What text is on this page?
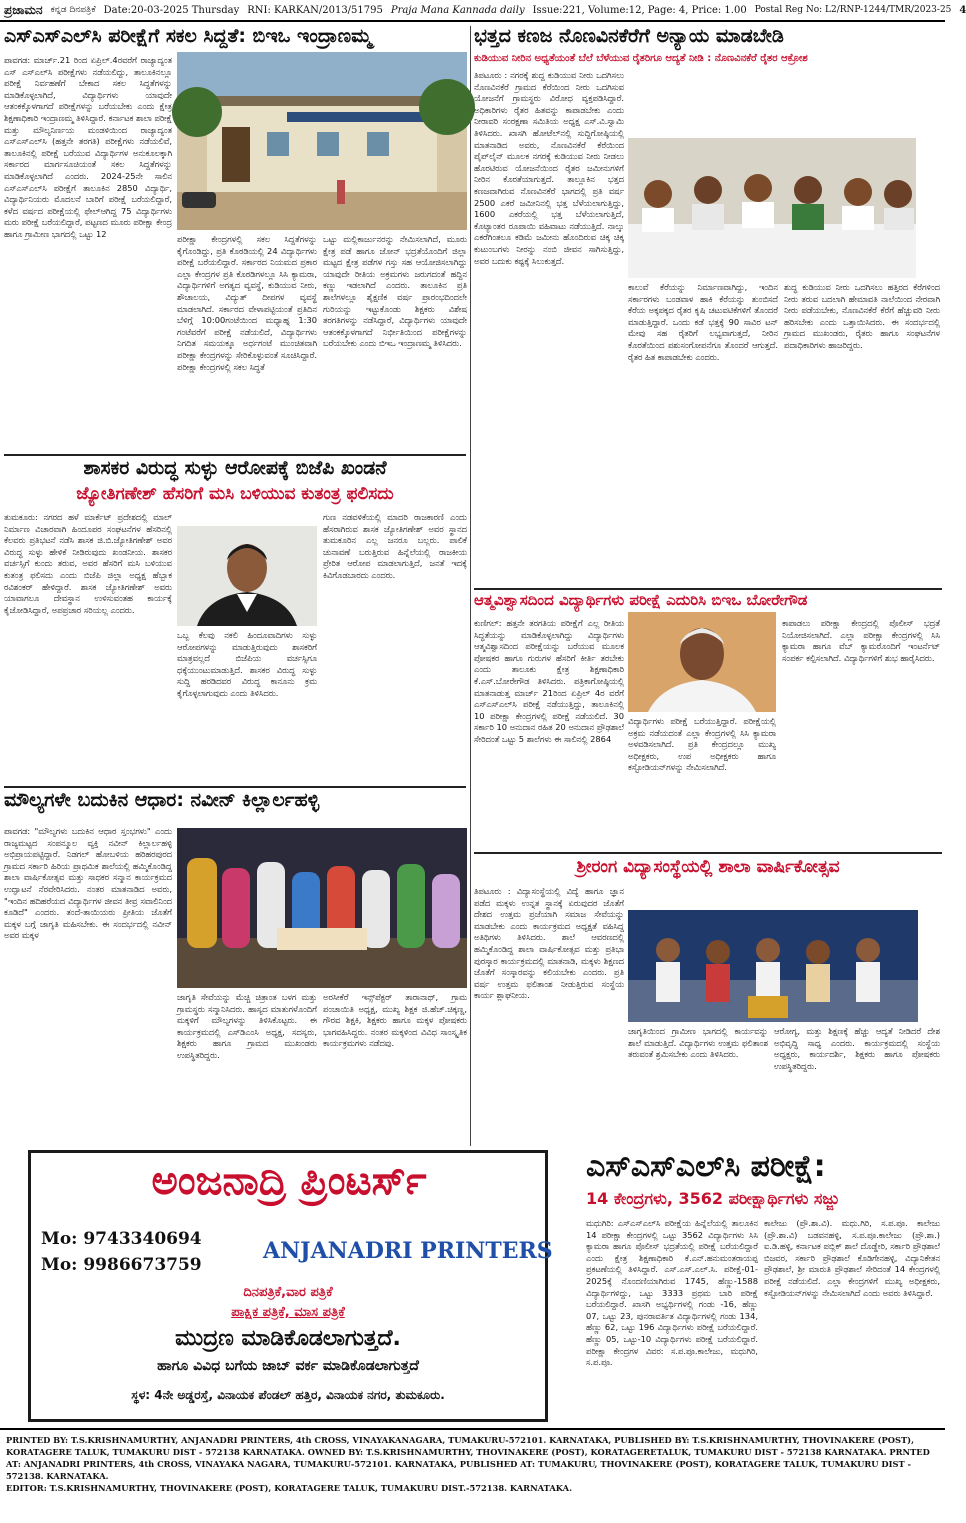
ಪ್ರಜಾಮನ ಕನ್ನಡ ದಿನಪತ್ರಿಕೆ Date:20-03-2025 Thursday RNI: KARKAN/2013/51795 Praja Mana Kannada daily Issue:221, Volume:12, Page: 4, Price: 1.00 Postal Reg No: L2/RNP-1244/TMR/2023-25 4
ಎಸ್‌ಎಸ್‌ಎಲ್‌ಸಿ ಪರೀಕ್ಷೆಗೆ ಸಕಲ ಸಿದ್ದತೆ: ಬಿಇಒ ಇಂದ್ರಾಣಮ್ಮ
ಪಾವಗಡ: ಮಾರ್ಚ್.21 ರಿಂದ ಏಪ್ರಿಲ್.4ರವರೆಗೆ ರಾಜ್ಯಾದ್ಯಂತ ಎಸ್ ಎಸ್ಎಲ್‌ಸಿ ಪರೀಕ್ಷೆಗಳು ನಡೆಯಲಿದ್ದು, ತಾಲೂಕಿನಲ್ಲೂ ಪರೀಕ್ಷೆ ನಿರ್ವಹಣೆಗೆ ಬೇಕಾದ ಸಕಲ ಸಿದ್ಧತೆಗಳನ್ನು ಮಾಡಿಕೊಳ್ಳಲಾಗಿದೆ, ವಿದ್ಯಾರ್ಥಿಗಳು ಯಾವುದೇ ಆತಂಕಕ್ಕೊಳಗಾಗದೆ ಪರೀಕ್ಷೆಗಳನ್ನು ಬರೆಯಬೇಕು ಎಂದು ಕ್ಷೇತ್ರ ಶಿಕ್ಷಣಾಧಿಕಾರಿ ಇಂದ್ರಾಣಮ್ಮ ತಿಳಿಸಿದ್ದಾರೆ. ಕರ್ನಾಟಕ ಶಾಲಾ ಪರೀಕ್ಷೆ ಮತ್ತು ಮೌಲ್ಯನಿರ್ಣಯ ಮಂಡಳಿಯಿಂದ ರಾಜ್ಯಾದ್ಯಂತ ಎಸ್ಎಸ್ಎಲ್‌ಸಿ (ಹತ್ತನೇ ತರಗತಿ) ಪರೀಕ್ಷೆಗಳು ನಡೆಯಲಿವೆ, ತಾಲೂಕಿನಲ್ಲಿ ಪರೀಕ್ಷೆ ಬರೆಯುವ ವಿದ್ಯಾರ್ಥಿಗಳ ಅನುಕೂಲಕ್ಕಾಗಿ ಸರ್ಕಾರದ ಮಾರ್ಗಸೂಚಿಯಂತೆ ಸಕಲ ಸಿದ್ದತೆಗಳನ್ನು ಮಾಡಿಕೊಳ್ಳಲಾಗಿದೆ ಎಂದರು. 2024-25ನೇ ಸಾಲಿನ ಎಸ್ಎಸ್ಎಲ್‌ಸಿ ಪರೀಕ್ಷೆಗೆ ತಾಲೂಕಿನ 2850 ವಿದ್ಯಾರ್ಥಿ, ವಿದ್ಯಾರ್ಥಿನಿಯರು ಮೊದಲನೆ ಬಾರಿಗೆ ಪರೀಕ್ಷೆ ಬರೆಯಲಿದ್ದಾರೆ, ಕಳೆದ ವರ್ಷದ ಪರೀಕ್ಷೆಯಲ್ಲಿ ಫೇಲ್‌ಆಗಿದ್ದ 75 ವಿದ್ಯಾರ್ಥಿಗಳು ಮರು ಪರೀಕ್ಷೆ ಬರೆಯಲಿದ್ದಾರೆ, ಪಟ್ಟಣದ ಮೂರು ಪರೀಕ್ಷಾ ಕೇಂದ್ರ ಹಾಗೂ ಗ್ರಾಮೀಣ ಭಾಗದಲ್ಲಿ ಒಟ್ಟು 12
ಪರೀಕ್ಷಾ ಕೇಂದ್ರಗಳಲ್ಲಿ ಸಕಲ ಸಿದ್ದತೆಗಳನ್ನು ಕೈಗೊಂಡಿದ್ದು, ಪ್ರತಿ ಕೊಠಡಿಯಲ್ಲಿ 24 ವಿದ್ಯಾರ್ಥಿಗಳು ಪರೀಕ್ಷೆ ಬರೆಯಲಿದ್ದಾರೆ. ಸರ್ಕಾರದ ನಿಯಮದ ಪ್ರಕಾರ ಎಲ್ಲಾ ಕೇಂದ್ರಗಳ ಪ್ರತಿ ಕೊಠಡಿಗಳಲ್ಲೂ ಸಿಸಿ ಕ್ಯಾಮರಾ, ವಿದ್ಯಾರ್ಥಿಗಳಿಗೆ ಅಗತ್ಯದ ವ್ಯವಸ್ಥೆ, ಕುಡಿಯುವ ನೀರು, ಶೌಚಾಲಯ, ವಿದ್ಯುತ್ ದೀಪಗಳ ವ್ಯವಸ್ಥೆ ಮಾಡಲಾಗಿದೆ. ಸರ್ಕಾರದ ವೇಳಾಪಟ್ಟಿಯಂತೆ ಪ್ರತಿದಿನ ಬೆಳಿಗ್ಗೆ 10:00ಗಂಟೆಯಿಂದ ಮಧ್ಯಾಹ್ನ 1:30 ಗಂಟೆವರೆಗೆ ಪರೀಕ್ಷೆ ನಡೆಯಲಿದೆ, ವಿದ್ಯಾರ್ಥಿಗಳು ನಿಗದಿತ ಸಮಯಕ್ಕೂ ಅರ್ಧಗಂಟೆ ಮುಂಚಿತವಾಗಿ ಪರೀಕ್ಷಾ ಕೇಂದ್ರಗಳನ್ನು ಸೇರಿಕೊಳ್ಳುವಂತೆ ಸೂಚಿಸಿದ್ದಾರೆ. ಪರೀಕ್ಷಾ ಕೇಂದ್ರಗಳಲ್ಲಿ ಸಕಲ ಸಿದ್ಧತೆ
ಒಟ್ಟು ಮಲ್ಲಿಕಾರ್ಜುನರನ್ನು ನೇಮಿಸಲಾಗಿದೆ, ಮೂರು ಕ್ಷೇತ್ರ ಪಡೆ ಹಾಗೂ ಜೋನ್ ಭದ್ರತೆಯೊಂದಿಗೆ ಜಿಲ್ಲಾ ಮಟ್ಟದ ಕ್ಷೇತ್ರ ಪಡೆಗಳ ಗಸ್ತು ಸಹ ಆಯೋಜಿಸಲಾಗಿದ್ದು ಯಾವುದೇ ರೀತಿಯ ಅಕ್ರಮಗಳು ಜರುಗದಂತೆ ಹದ್ದಿನ ಕಣ್ಣು ಇಡಲಾಗಿದೆ ಎಂದರು. ತಾಲೂಕಿನ ಪ್ರತಿ ಶಾಲೆಗಳಲ್ಲೂ ಶೈಕ್ಷಣಿಕ ವರ್ಷ ಪ್ರಾರಂಭದಿಂದಲೇ ಗುರಿಯನ್ನು ಇಟ್ಟುಕೊಂಡು ಶಿಕ್ಷಕರು ವಿಶೇಷ ತರಗತಿಗಳನ್ನು ನಡೆಸಿದ್ದಾರೆ, ವಿದ್ಯಾರ್ಥಿಗಳು ಯಾವುದೇ ಆತಂಕಕ್ಕೊಳಗಾಗದೆ ನಿರ್ಭೀತಿಯಿಂದ ಪರೀಕ್ಷೆಗಳನ್ನು ಬರೆಯಬೇಕು ಎಂದು ಬಿಇಒ ಇಂದ್ರಾಣಮ್ಮ ತಿಳಿಸಿದರು.
ಶಾಸಕರ ವಿರುದ್ಧ ಸುಳ್ಳು ಆರೋಪಕ್ಕೆ ಬಿಜೆಪಿ ಖಂಡನೆ
ಜ್ಯೋತಿಗಣೇಶ್ ಹೆಸರಿಗೆ ಮಸಿ ಬಳಿಯುವ ಕುತಂತ್ರ ಫಲಿಸದು
ತುಮಕೂರು: ನಗರದ ಹಳೆ ಮಾರ್ಕೆಟ್ ಪ್ರದೇಶದಲ್ಲಿ ಮಾಲ್ ನಿರ್ಮಾಣ ವಿಚಾರವಾಗಿ ಹಿಂದೂಪರ ಸಂಘಟನೆಗಳ ಹೆಸರಿನಲ್ಲಿ ಕೆಲವರು ಪ್ರತಿಭಟನೆ ನಡೆಸಿ ಶಾಸಕ ಜಿ.ಬಿ.ಜ್ಯೋತಿಗಣೇಶ್ ಅವರ ವಿರುದ್ಧ ಸುಳ್ಳು ಹೇಳಿಕೆ ನೀಡಿರುವುದು ಖಂಡನೀಯ. ಶಾಸಕರ ವರ್ಚಸ್ಸಿಗೆ ಕುಂದು ತರುವ, ಅವರ ಹೆಸರಿಗೆ ಮಸಿ ಬಳಿಯುವ ಕುತಂತ್ರ ಫಲಿಸದು ಎಂದು ಬಿಜೆಪಿ ಜಿಲ್ಲಾ ಅಧ್ಯಕ್ಷ ಹೆಬ್ಬಾಕ ರವಿಶಂಕರ್ ಹೇಳಿದ್ದಾರೆ. ಶಾಸಕ ಜ್ಯೋತಿಗಣೇಶ್ ಅವರು ಯಾವಾಗಲೂ ದೇವಸ್ಥಾನ ಉಳಿಸುವಂತಹ ಕಾರ್ಯಕ್ಕೆ ಕೈಜೋಡಿಸಿದ್ದಾರೆ, ಅಪಪ್ರಚಾರ ಸರಿಯಲ್ಲ ಎಂದರು.
ಒಬ್ಬ ಕೆಲವು ನಕಲಿ ಹಿಂದೂವಾದಿಗಳು ಸುಳ್ಳು ಆರೋಪಗಳನ್ನು ಮಾಡುತ್ತಿರುವುದು ಶಾಸಕರಿಗೆ ಮಾತ್ರವಲ್ಲದೆ ಬಿಜೆಪಿಯ ವರ್ಚಸ್ಸಿಗೂ ಧಕ್ಕೆಯುಂಟುಮಾಡುತ್ತಿದೆ. ಶಾಸಕರ ವಿರುದ್ಧ ಸುಳ್ಳು ಸುದ್ದಿ ಹರಡಿದವರ ವಿರುದ್ಧ ಕಾನೂನು ಕ್ರಮ ಕೈಗೊಳ್ಳಲಾಗುವುದು ಎಂದು ತಿಳಿಸಿದರು.
ಗುಣ ನಡವಳಿಕೆಯಲ್ಲಿ ಮಾದರಿ ರಾಜಕಾರಣಿ ಎಂದು ಹೆಸರಾಗಿರುವ ಶಾಸಕ ಜ್ಯೋತಿಗಣೇಶ್ ಅವರ ಸ್ಥಾನದ ತುಮಕೂರಿನ ಎಲ್ಲ ಜನರೂ ಬಲ್ಲರು. ಪಾಲಿಕೆ ಚುನಾವಣೆ ಬರುತ್ತಿರುವ ಹಿನ್ನೆಲೆಯಲ್ಲಿ ರಾಜಕೀಯ ಪ್ರೇರಿತ ಆರೋಪ ಮಾಡಲಾಗುತ್ತಿದೆ, ಜನತೆ ಇದಕ್ಕೆ ಕಿವಿಗೊಡಬಾರದು ಎಂದರು.
ಮೌಲ್ಯಗಳೇ ಬದುಕಿನ ಆಧಾರ: ನವೀನ್ ಕಿಲ್ಲಾರ್ಲಹಳ್ಳಿ
ಪಾವಗಡ: "ಮೌಲ್ಯಗಳು ಬದುಕಿನ ಆಧಾರ ಸ್ತಂಭಗಳು" ಎಂದು ರಾಜ್ಯಮಟ್ಟದ ಸಂಪನ್ಮೂಲ ವ್ಯಕ್ತಿ ನವೀನ್ ಕಿಲ್ಲಾರ್ಲಹಳ್ಳಿ ಅಭಿಪ್ರಾಯಪಟ್ಟಿದ್ದಾರೆ. ನಿಡಗಲ್ ಹೋಬಳಿಯ ಹರಿಹರಪುರದ ಗ್ರಾಮದ ಸರ್ಕಾರಿ ಹಿರಿಯ ಪ್ರಾಥಮಿಕ ಶಾಲೆಯಲ್ಲಿ ಹಮ್ಮಿಕೊಂಡಿದ್ದ ಶಾಲಾ ವಾರ್ಷಿಕೋತ್ಸವ ಮತ್ತು ಸಾಧಕರ ಸನ್ಮಾನ ಕಾರ್ಯಕ್ರಮದ ಉದ್ಘಾಟನೆ ನೆರವೇರಿಸಿದರು. ನಂತರ ಮಾತನಾಡಿದ ಅವರು, "ಇಂದಿನ ಹದಿಹರೆಯದ ವಿದ್ಯಾರ್ಥಿಗಳ ಜೀವನ ತೀವ್ರ ಸವಾಲಿನಿಂದ ಕೂಡಿದೆ" ಎಂದರು. ತಂದೆ-ತಾಯಿಯರು ಪ್ರೀತಿಯ ಜೊತೆಗೆ ಮಕ್ಕಳ ಬಗ್ಗೆ ಜಾಗೃತಿ ಮಹಿಸಬೇಕು. ಈ ಸಂದರ್ಭದಲ್ಲಿ ನವೀನ್ ಅವರ ಮಕ್ಕಳ
ಜಾಗೃತಿ ಸೇವೆಯನ್ನು ಮೆಚ್ಚಿ ಚಿತ್ರಾಂತ ಬಳಗ ಮತ್ತು ಗ್ರಾಮಸ್ಥರು ಸನ್ಮಾನಿಸಿದರು. ಹಾಸ್ಯದ ಮಾತುಗಳೊಂದಿಗೆ ಮಕ್ಕಳಿಗೆ ಮೌಲ್ಯಗಳನ್ನು ತಿಳಿಸಿಕೊಟ್ಟರು. ಈ ಕಾರ್ಯಕ್ರಮದಲ್ಲಿ ಎಸ್‌ಡಿಎಂಸಿ ಅಧ್ಯಕ್ಷ, ಸದಸ್ಯರು, ಶಿಕ್ಷಕರು ಹಾಗೂ ಗ್ರಾಮದ ಮುಖಂಡರು ಉಪಸ್ಥಿತರಿದ್ದರು.
ಅರಸೀಕೆರೆ ಇನ್ಸ್‌ಪೆಕ್ಟರ್ ತಾರಾನಾಥ್, ಗ್ರಾಮ ಪಂಚಾಯಿತಿ ಅಧ್ಯಕ್ಷ, ಮುಖ್ಯ ಶಿಕ್ಷಕ ಜಿ.ಹೆಚ್.ಚಿಕ್ಕಣ್ಣ, ಗೌರವ ಶಿಕ್ಷಕಿ, ಶಿಕ್ಷಕರು ಹಾಗೂ ಮಕ್ಕಳ ಪೋಷಕರು ಭಾಗವಹಿಸಿದ್ದರು. ನಂತರ ಮಕ್ಕಳಿಂದ ವಿವಿಧ ಸಾಂಸ್ಕೃತಿಕ ಕಾರ್ಯಕ್ರಮಗಳು ನಡೆದವು.
ಭತ್ತದ ಕಣಜ ನೊಣವಿನಕೆರೆಗೆ ಅನ್ಯಾಯ ಮಾಡಬೇಡಿ
ಕುಡಿಯುವ ನೀರಿನ ಅಧ್ಯತೆಯಂತೆ ಬೆಲೆ ಬೆಳೆಯುವ ರೈತರಿಗೂ ಆದ್ಯತೆ ನೀಡಿ : ನೊಣವಿನಕೆರೆ ರೈತರ ಆಕ್ರೋಶ
ತಿಪಟೂರು : ನಗರಕ್ಕೆ ಶುದ್ದ ಕುಡಿಯುವ ನೀರು ಒದಗಿಸಲು ನೊಣವಿನಕೆರೆ ಗ್ರಾಮದ ಕೆರೆಯಿಂದ ನೀರು ಒದಗಿಸುವ ಯೋಜನೆಗೆ ಗ್ರಾಮಸ್ಥರು ವಿರೋಧ ವ್ಯಕ್ತಪಡಿಸಿದ್ದಾರೆ. ಅಧಿಕಾರಿಗಳು ರೈತರ ಹಿತವನ್ನು ಕಾಪಾಡಬೇಕು ಎಂದು ನೀರಾವರಿ ಸಂರಕ್ಷಣಾ ಸಮಿತಿಯ ಅಧ್ಯಕ್ಷ ಎಸ್.ವಿ.ಸ್ವಾಮಿ ತಿಳಿಸಿದರು. ಖಾಸಗಿ ಹೋಟೆಲ್‌ನಲ್ಲಿ ಸುದ್ದಿಗೋಷ್ಠಿಯಲ್ಲಿ ಮಾತನಾಡಿದ ಅವರು, ನೊಣವಿನಕೆರೆ ಕೆರೆಯಿಂದ ಪೈಪ್‌ಲೈನ್ ಮೂಲಕ ನಗರಕ್ಕೆ ಕುಡಿಯುವ ನೀರು ನೀಡಲು ಹೊರಟಿರುವ ಯೋಜನೆಯಿಂದ ರೈತರ ಜಮೀನುಗಳಿಗೆ ನೀರಿನ ಕೊರತೆಯಾಗುತ್ತದೆ. ತಾಲ್ಲೂಕಿನ ಭತ್ತದ ಕಣಜವಾಗಿರುವ ನೊಣವಿನಕೆರೆ ಭಾಗದಲ್ಲಿ ಪ್ರತಿ ವರ್ಷ 2500 ಎಕರೆ ಜಮೀನಿನಲ್ಲಿ ಭತ್ತ ಬೆಳೆಯಲಾಗುತ್ತಿದ್ದು, 1600 ಎಕರೆಯಲ್ಲಿ ಭತ್ತ ಬೆಳೆಯಲಾಗುತ್ತಿದೆ, ಕೊಟ್ಯಾಂತರ ರೂಪಾಯಿ ವಹಿವಾಟು ನಡೆಯುತ್ತಿದೆ. ನಾಲ್ಕು ಎಕರೆಗಿಂತಲೂ ಕಡಿಮೆ ಜಮೀನು ಹೊಂದಿರುವ ಚಿಕ್ಕ ಚಿಕ್ಕ ಕುಟುಂಬಗಳು ನೀರನ್ನು ನಂಬಿ ಜೀವನ ಸಾಗಿಸುತ್ತಿದ್ದು, ಅವರ ಬದುಕು ಕಷ್ಟಕ್ಕೆ ಸಿಲುಕುತ್ತದೆ.
ಕಾಲುವೆ ಕೆರೆಯನ್ನು ನಿರ್ಮಾಣವಾಗಿದ್ದು, ಇಂದಿನ ಸರ್ಕಾರಗಳು ಬಂಡವಾಳ ಹಾಕಿ ಕೆರೆಯನ್ನು ತುಂಬಿಸದೆ ಕೆರೆಯ ಅಕ್ಕಪಕ್ಕದ ರೈತರ ಕೃಷಿ ಚಟುವಟಿಕೆಗಳಿಗೆ ತೊಂದರೆ ಮಾಡುತ್ತಿದ್ದಾರೆ. ಒಂದು ಕಡೆ ಭತ್ತಕ್ಕೆ 90 ಸಾವಿರ ಟನ್ ಮೇವು ಸಹ ರೈತರಿಗೆ ಲಭ್ಯವಾಗುತ್ತದೆ, ನೀರಿನ ಕೊರತೆಯಿಂದ ಪಶುಸಂಗೋಪನೆಗೂ ತೊಂದರೆ ಆಗುತ್ತದೆ. ರೈತರ ಹಿತ ಕಾಪಾಡಬೇಕು ಎಂದರು.
ಶುದ್ಧ ಕುಡಿಯುವ ನೀರು ಒದಗಿಸಲು ಹತ್ತಿರದ ಕೆರೆಗಳಿಂದ ನೀರು ತರುವ ಬದಲಾಗಿ ಹೇಮಾವತಿ ನಾಲೆಯಿಂದ ನೇರವಾಗಿ ನೀರು ಪಡೆಯಬೇಕು, ನೊಣವಿನಕೆರೆ ಕೆರೆಗೆ ಹೆಚ್ಚುವರಿ ನೀರು ಹರಿಸಬೇಕು ಎಂದು ಒತ್ತಾಯಿಸಿದರು. ಈ ಸಂದರ್ಭದಲ್ಲಿ ಗ್ರಾಮದ ಮುಖಂಡರು, ರೈತರು ಹಾಗೂ ಸಂಘಟನೆಗಳ ಪದಾಧಿಕಾರಿಗಳು ಹಾಜರಿದ್ದರು.
ಆತ್ಮವಿಶ್ವಾಸದಿಂದ ವಿದ್ಯಾರ್ಥಿಗಳು ಪರೀಕ್ಷೆ ಎದುರಿಸಿ ಬಿಇಒ ಬೋರೇಗೌಡ
ಕುಣಿಗಲ್: ಹತ್ತನೇ ತರಗತಿಯ ಪರೀಕ್ಷೆಗೆ ಎಲ್ಲ ರೀತಿಯ ಸಿದ್ಧತೆಯನ್ನು ಮಾಡಿಕೊಳ್ಳಲಾಗಿದ್ದು ವಿದ್ಯಾರ್ಥಿಗಳು ಆತ್ಮವಿಶ್ವಾಸದಿಂದ ಪರೀಕ್ಷೆಯನ್ನು ಬರೆಯುವ ಮೂಲಕ ಪೋಷಕರ ಹಾಗೂ ಗುರುಗಳ ಹೆಸರಿಗೆ ಕೀರ್ತಿ ತರಬೇಕು ಎಂದು ತಾಲೂಕು ಕ್ಷೇತ್ರ ಶಿಕ್ಷಣಾಧಿಕಾರಿ ಕೆ.ಎಸ್.ಬೋರೇಗೌಡ ತಿಳಿಸಿದರು. ಪತ್ರಿಕಾಗೋಷ್ಠಿಯಲ್ಲಿ ಮಾತನಾಡುತ್ತ ಮಾರ್ಚ್ 21ರಿಂದ ಏಪ್ರಿಲ್ 4ರ ವರೆಗೆ ಎಸ್ಎಸ್ಎಲ್‌ಸಿ ಪರೀಕ್ಷೆ ನಡೆಯುತ್ತಿದ್ದು, ತಾಲೂಕಿನಲ್ಲಿ 10 ಪರೀಕ್ಷಾ ಕೇಂದ್ರಗಳಲ್ಲಿ ಪರೀಕ್ಷೆ ನಡೆಯಲಿದೆ. 30 ಸರ್ಕಾರಿ 10 ಅನುದಾನ ರಹಿತ 20 ಅನುದಾನ ಪ್ರೌಢಶಾಲೆ ಸೇರಿದಂತೆ ಒಟ್ಟು 5 ಶಾಲೆಗಳು ಈ ಸಾಲಿನಲ್ಲಿ 2864
ವಿದ್ಯಾರ್ಥಿಗಳು ಪರೀಕ್ಷೆ ಬರೆಯುತ್ತಿದ್ದಾರೆ. ಪರೀಕ್ಷೆಯಲ್ಲಿ ಅಕ್ರಮ ನಡೆಯದಂತೆ ಎಲ್ಲಾ ಕೇಂದ್ರಗಳಲ್ಲಿ ಸಿಸಿ ಕ್ಯಾಮರಾ ಅಳವಡಿಸಲಾಗಿದೆ. ಪ್ರತಿ ಕೇಂದ್ರದಲ್ಲೂ ಮುಖ್ಯ ಅಧೀಕ್ಷಕರು, ಉಪ ಅಧೀಕ್ಷಕರು ಹಾಗೂ ಕಸ್ಟೋಡಿಯನ್‌ಗಳನ್ನು ನೇಮಿಸಲಾಗಿದೆ.
ಕಾಪಾಡಲು ಪರೀಕ್ಷಾ ಕೇಂದ್ರದಲ್ಲಿ ಪೊಲೀಸ್ ಭದ್ರತೆ ನಿಯೋಜಿಸಲಾಗಿದೆ. ಎಲ್ಲಾ ಪರೀಕ್ಷಾ ಕೇಂದ್ರಗಳಲ್ಲಿ ಸಿಸಿ ಕ್ಯಾಮರಾ ಹಾಗೂ ವೆಬ್ ಕ್ಯಾಮರೊಂದಿಗೆ ಇಂಟರ್ನೆಟ್ ಸಂಪರ್ಕ ಕಲ್ಪಿಸಲಾಗಿದೆ. ವಿದ್ಯಾರ್ಥಿಗಳಿಗೆ ಶುಭ ಹಾರೈಸಿದರು.
ಶ್ರೀರಂಗ ವಿದ್ಯಾಸಂಸ್ಥೆಯಲ್ಲಿ ಶಾಲಾ ವಾರ್ಷಿಕೋತ್ಸವ
ತಿಪಟೂರು : ವಿದ್ಯಾಸಂಸ್ಥೆಯಲ್ಲಿ ವಿದ್ಯೆ ಹಾಗೂ ಜ್ಞಾನ ಪಡೆದ ಮಕ್ಕಳು ಉನ್ನತ ಸ್ಥಾನಕ್ಕೆ ಏರುವುದರ ಜೊತೆಗೆ ದೇಶದ ಉತ್ತಮ ಪ್ರಜೆಯಾಗಿ ಸಮಾಜ ಸೇವೆಯನ್ನು ಮಾಡಬೇಕು ಎಂದು ಕಾರ್ಯಕ್ರಮದ ಅಧ್ಯಕ್ಷತೆ ವಹಿಸಿದ್ದ ಅತಿಥಿಗಳು ತಿಳಿಸಿದರು. ಶಾಲೆ ಆವರಣದಲ್ಲಿ ಹಮ್ಮಿಕೊಂಡಿದ್ದ ಶಾಲಾ ವಾರ್ಷಿಕೋತ್ಸವ ಮತ್ತು ಪ್ರತಿಭಾ ಪುರಸ್ಕಾರ ಕಾರ್ಯಕ್ರಮದಲ್ಲಿ ಮಾತನಾಡಿ, ಮಕ್ಕಳು ಶಿಕ್ಷಣದ ಜೊತೆಗೆ ಸಂಸ್ಕಾರವನ್ನು ಕಲಿಯಬೇಕು ಎಂದರು. ಪ್ರತಿ ವರ್ಷ ಉತ್ತಮ ಫಲಿತಾಂಶ ನೀಡುತ್ತಿರುವ ಸಂಸ್ಥೆಯ ಕಾರ್ಯ ಶ್ಲಾಘನೀಯ.
ಜಾಗೃತಿಯಿಂದ ಗ್ರಾಮೀಣ ಭಾಗದಲ್ಲಿ ಕಾರ್ಯವನ್ನು ಶಾಲೆ ಮಾಡುತ್ತಿದೆ. ವಿದ್ಯಾರ್ಥಿಗಳು ಉತ್ತಮ ಫಲಿತಾಂಶ ತರುವಂತೆ ಶ್ರಮಿಸಬೇಕು ಎಂದು ತಿಳಿಸಿದರು.
ಆರೋಗ್ಯ, ಮತ್ತು ಶಿಕ್ಷಣಕ್ಕೆ ಹೆಚ್ಚು ಆದ್ಯತೆ ನೀಡಿದರೆ ದೇಶ ಅಭಿವೃದ್ಧಿ ಸಾಧ್ಯ ಎಂದರು. ಕಾರ್ಯಕ್ರಮದಲ್ಲಿ ಸಂಸ್ಥೆಯ ಅಧ್ಯಕ್ಷರು, ಕಾರ್ಯದರ್ಶಿ, ಶಿಕ್ಷಕರು ಹಾಗೂ ಪೋಷಕರು ಉಪಸ್ಥಿತರಿದ್ದರು.
ಅಂಜನಾದ್ರಿ ಪ್ರಿಂಟರ್ಸ್
Mo: 9743340694
Mo: 9986673759
ANJANADRI PRINTERS
ದಿನಪತ್ರಿಕೆ,ವಾರ ಪತ್ರಿಕೆ
ಪಾಕ್ಷಿಕ ಪತ್ರಿಕೆ, ಮಾಸ ಪತ್ರಿಕೆ
ಮುದ್ರಣ ಮಾಡಿಕೊಡಲಾಗುತ್ತದೆ.
ಹಾಗೂ ವಿವಿಧ ಬಗೆಯ ಜಾಬ್ ವರ್ಕ ಮಾಡಿಕೊಡಲಾಗುತ್ತದೆ
ಸ್ಥಳ: 4ನೇ ಅಡ್ಡರಸ್ತೆ, ವಿನಾಯಕ ಪೆಂಡಲ್ ಹತ್ತಿರ, ವಿನಾಯಕ ನಗರ, ತುಮಕೂರು.
ಎಸ್‌ಎಸ್‌ಎಲ್‌ಸಿ ಪರೀಕ್ಷೆ:
14 ಕೇಂದ್ರಗಳು, 3562 ಪರೀಕ್ಷಾರ್ಥಿಗಳು ಸಜ್ಜು
ಮಧುಗಿರಿ: ಎಸ್ಎಸ್ಎಲ್‌ಸಿ ಪರೀಕ್ಷೆಯ ಹಿನ್ನೆಲೆಯಲ್ಲಿ ತಾಲೂಕಿನ 14 ಪರೀಕ್ಷಾ ಕೇಂದ್ರಗಳಲ್ಲಿ ಒಟ್ಟು 3562 ವಿದ್ಯಾರ್ಥಿಗಳು ಸಿಸಿ ಕ್ಯಾಮರಾ ಹಾಗೂ ಪೊಲೀಸ್ ಭದ್ರತೆಯಲ್ಲಿ ಪರೀಕ್ಷೆ ಬರೆಯಲಿದ್ದಾರೆ ಎಂದು ಕ್ಷೇತ್ರ ಶಿಕ್ಷಣಾಧಿಕಾರಿ ಕೆ.ಎನ್.ಹನುಮಂತರಾಯಪ್ಪ ಪ್ರಕಟಣೆಯಲ್ಲಿ ತಿಳಿಸಿದ್ದಾರೆ. ಎಸ್.ಎಸ್.ಎಲ್.ಸಿ. ಪರೀಕ್ಷೆ-01-2025ಕ್ಕೆ ನೊಂದಣಿಯಾಗಿರುವ 1745, ಹೆಣ್ಣು-1588 ವಿದ್ಯಾರ್ಥಿಗಳಿದ್ದು, ಒಟ್ಟು 3333 ಪ್ರಥಮ ಬಾರಿ ಪರೀಕ್ಷೆ ಬರೆಯಲಿದ್ದಾರೆ. ಖಾಸಗಿ ಅಭ್ಯರ್ಥಿಗಳಲ್ಲಿ ಗಂಡು -16, ಹೆಣ್ಣು 07, ಒಟ್ಟು 23, ಪುನರಾವರ್ತಿತ ವಿದ್ಯಾರ್ಥಿಗಳಲ್ಲಿ ಗಂಡು 134, ಹೆಣ್ಣು 62, ಒಟ್ಟು 196 ವಿದ್ಯಾರ್ಥಿಗಳು ಪರೀಕ್ಷೆ ಬರೆಯಲಿದ್ದಾರೆ. ಹೆಣ್ಣು 05, ಒಟ್ಟು-10 ವಿದ್ಯಾರ್ಥಿಗಳು ಪರೀಕ್ಷೆ ಬರೆಯಲಿದ್ದಾರೆ. ಪರೀಕ್ಷಾ ಕೇಂದ್ರಗಳ ವಿವರ: ಸ.ಪ.ಪೂ.ಕಾಲೇಜು, ಮಧುಗಿರಿ, ಸ.ಪ.ಪೂ.
ಕಾಲೇಜು (ಪ್ರೌ.ಶಾ.ವಿ). ಮಧು.ಗಿರಿ, ಸ.ಪ.ಪೂ. ಕಾಲೇಜು (ಪ್ರೌ.ಶಾ.ವಿ) ಬಡವನಹಳ್ಳಿ, ಸ.ಪ.ಪೂ.ಕಾಲೇಜು (ಪ್ರೌ.ಶಾ.) ಐ.ಡಿ.ಹಳ್ಳಿ, ಕರ್ನಾಟಕ ಪಬ್ಲಿಕ್ ಶಾಲೆ ದೊಡ್ಡೇರಿ, ಸರ್ಕಾರಿ ಪ್ರೌಢಶಾಲೆ ಬಿಜವರ, ಸರ್ಕಾರಿ ಪ್ರೌಢಶಾಲೆ ಕೊಡಿಗೇನಹಳ್ಳಿ, ವಿದ್ಯಾನಿಕೇತನ ಪ್ರೌಢಶಾಲೆ, ಶ್ರೀ ಮಾರುತಿ ಪ್ರೌಢಶಾಲೆ ಸೇರಿದಂತೆ 14 ಕೇಂದ್ರಗಳಲ್ಲಿ ಪರೀಕ್ಷೆ ನಡೆಯಲಿದೆ. ಎಲ್ಲಾ ಕೇಂದ್ರಗಳಿಗೆ ಮುಖ್ಯ ಅಧೀಕ್ಷಕರು, ಕಸ್ಟೋಡಿಯನ್‌ಗಳನ್ನು ನೇಮಿಸಲಾಗಿದೆ ಎಂದು ಅವರು ತಿಳಿಸಿದ್ದಾರೆ.
PRINTED BY: T.S.KRISHNAMURTHY, ANJANADRI PRINTERS, 4th CROSS, VINAYAKANAGARA, TUMAKURU-572101. KARNATAKA, PUBLISHED BY: T.S.KRISHNAMURTHY, THOVINAKERE (POST), KORATAGERE TALUK, TUMAKURU DIST - 572138 KARNATAKA. OWNED BY: T.S.KRISHNAMURTHY, THOVINAKERE (POST), KORATAGERETALUK, TUMAKURU DIST - 572138 KARNATAKA. PRNTED AT: ANJANADRI PRINTERS, 4th CROSS, VINAYAKA NAGARA, TUMAKURU-572101. KARNATAKA, PUBLISHED AT: TUMAKURU, THOVINAKERE (POST), KORATAGERE TALUK, TUMAKURU DIST - 572138. KARNATAKA.
EDITOR: T.S.KRISHNAMURTHY, THOVINAKERE (POST), KORATAGERE TALUK, TUMAKURU DIST.-572138. KARNATAKA.
